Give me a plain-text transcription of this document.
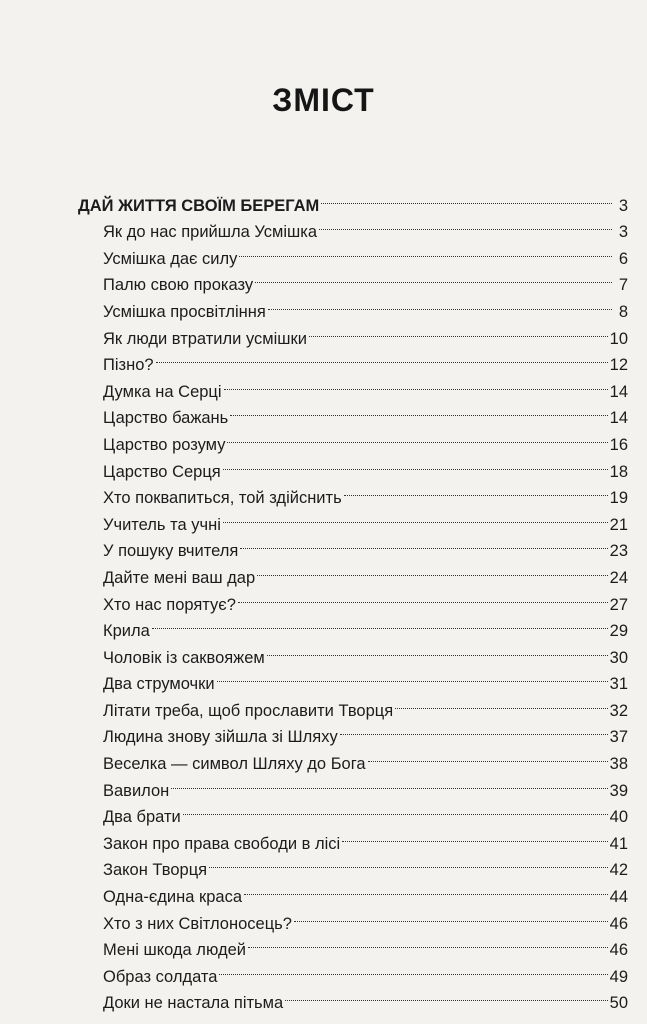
ЗМІСТ
ДАЙ ЖИТТЯ СВОЇМ БЕРЕГАМ	3
Як до нас прийшла Усмішка	3
Усмішка дає силу	6
Палю свою проказу	7
Усмішка просвітління	8
Як люди втратили усмішки	10
Пізно?	12
Думка на Серці	14
Царство бажань	14
Царство розуму	16
Царство Серця	18
Хто поквапиться, той здійснить	19
Учитель та учні	21
У пошуку вчителя	23
Дайте мені ваш дар	24
Хто нас порятує?	27
Крила	29
Чоловік із саквояжем	30
Два струмочки	31
Літати треба, щоб прославити Творця	32
Людина знову зійшла зі Шляху	37
Веселка — символ Шляху до Бога	38
Вавилон	39
Два брати	40
Закон про права свободи в лісі	41
Закон Творця	42
Одна-єдина краса	44
Хто з них Світлоносець?	46
Мені шкода людей	46
Образ солдата	49
Доки не настала пітьма	50
